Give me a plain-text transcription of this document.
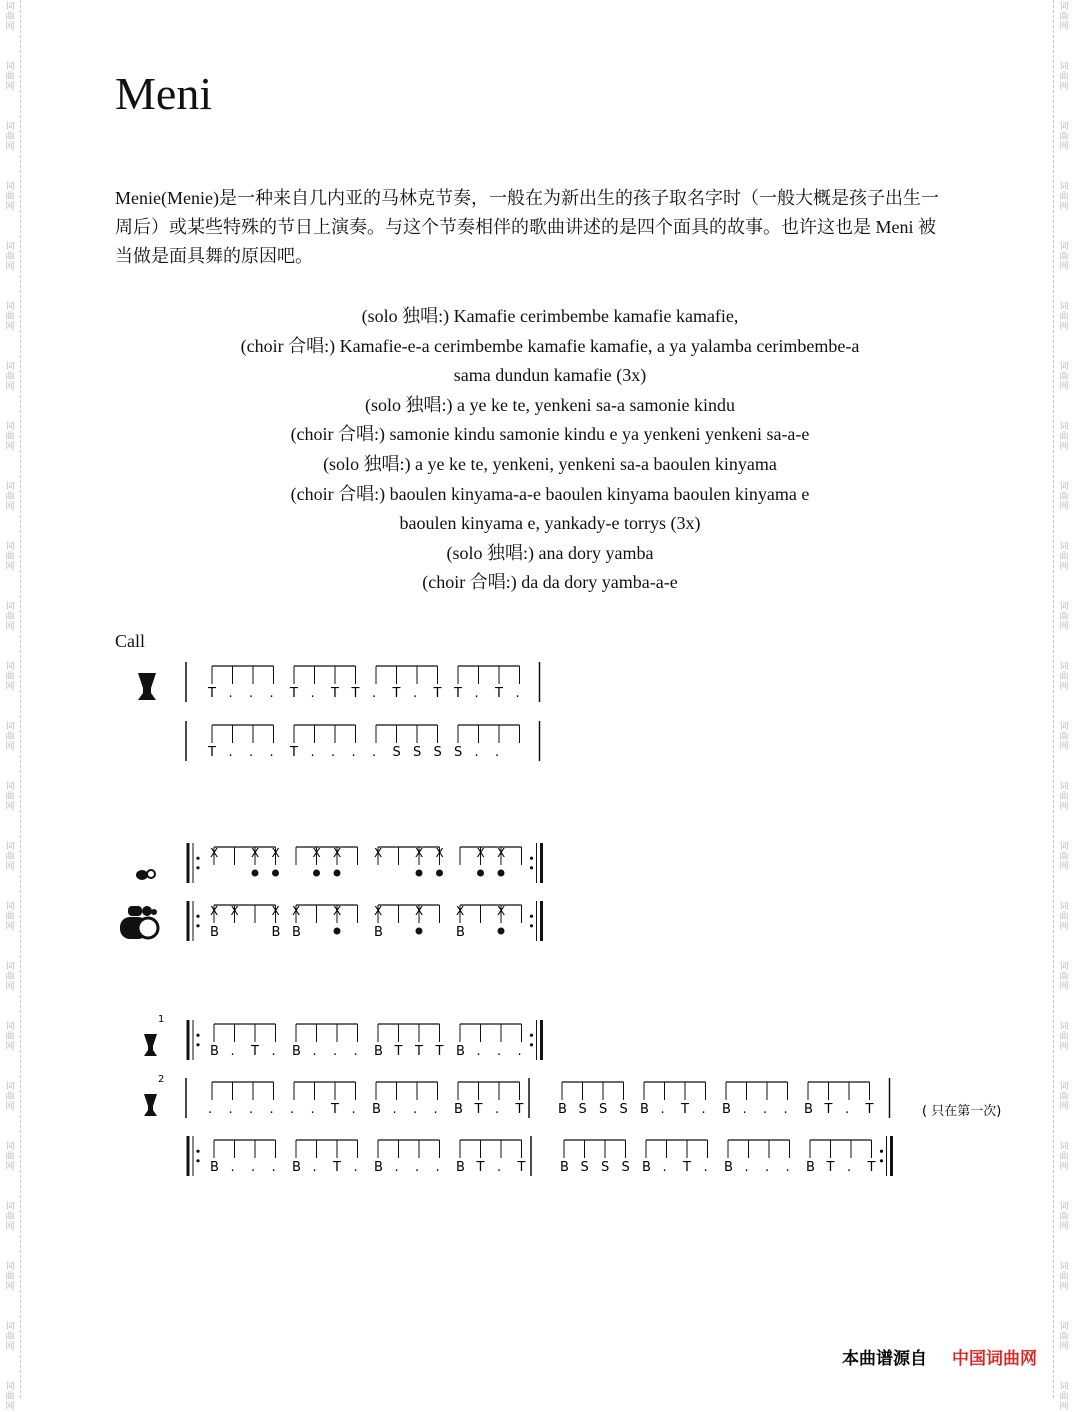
词
曲
网
词
曲
网
词
曲
网
词
曲
网
词
曲
网
词
曲
网
词
曲
网
词
曲
网
词
曲
网
词
曲
网
词
曲
网
词
曲
网
词
曲
网
词
曲
网
词
曲
网
词
曲
网
词
曲
网
词
曲
网
词
曲
网
词
曲
网
词
曲
网
词
曲
网
词
曲
网
词
曲
网
词
曲
网
词
曲
网
词
曲
网
词
曲
网
词
曲
网
词
曲
网
词
曲
网
词
曲
网
词
曲
网
词
曲
网
词
曲
网
词
曲
网
词
曲
网
词
曲
网
词
曲
网
词
曲
网
词
曲
网
词
曲
网
词
曲
网
词
曲
网
词
曲
网
词
曲
网
词
曲
网
词
曲
网
Meni

Menie(Menie)是一种来自几内亚的马林克节奏，一般在为新出生的孩子取名字时（一般大概是孩子出生一周后）或某些特殊的节日上演奏。与这个节奏相伴的歌曲讲述的是四个面具的故事。也许这也是 Meni 被当做是面具舞的原因吧。

(solo 独唱:) Kamafie cerimbembe kamafie kamafie,
(choir 合唱:) Kamafie-e-a cerimbembe kamafie kamafie, a ya yalamba cerimbembe-a
sama dundun kamafie (3x)
(solo 独唱:) a ye ke te, yenkeni sa-a samonie kindu
(choir 合唱:) samonie kindu samonie kindu e ya yenkeni yenkeni sa-a-e
(solo 独唱:) a ye ke te, yenkeni, yenkeni sa-a baoulen kinyama
(choir 合唱:) baoulen kinyama-a-e baoulen kinyama baoulen kinyama e
baoulen kinyama e, yankady-e torrys (3x)
(solo 独唱:) ana dory yamba
(choir 合唱:) da da dory yamba-a-e
Call
1
2
T . . . T . T T . T . T T . T .
T . . . T . . . . S S S S . .
X	X X	X X	X	X X	X X
X
B
X	X
B
X
B
X	X
B
X	X
B
X
B . T . B . . . B T T T B . . .
. . . . . . T . B . . . B T . T	B S S S B . T . B . . . B T . T
B . . . B . T . B . . . B T . T	B S S S B . T . B . . . B T . T
( 只在第一次)
本曲谱源自 中国词曲网
